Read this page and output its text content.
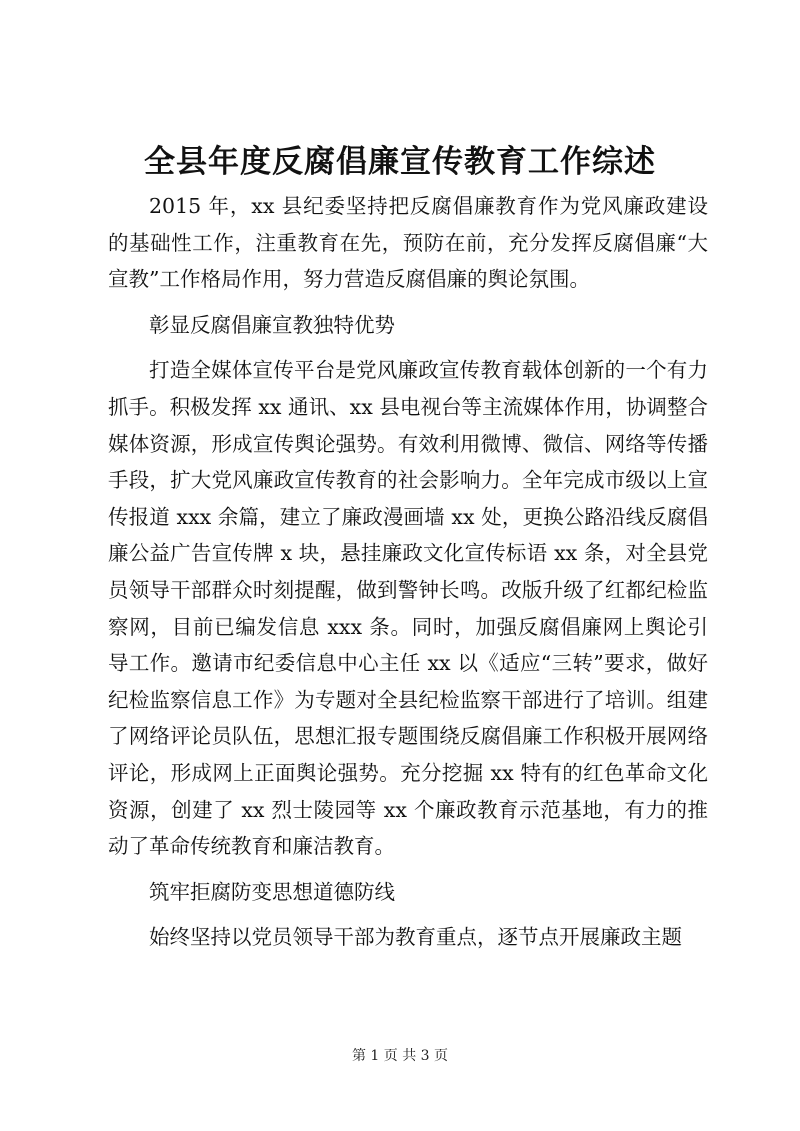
全县年度反腐倡廉宣传教育工作综述

2015 年，xx 县纪委坚持把反腐倡廉教育作为党风廉政建设的基础性工作，注重教育在先，预防在前，充分发挥反腐倡廉“大宣教”工作格局作用，努力营造反腐倡廉的舆论氛围。

彰显反腐倡廉宣教独特优势

打造全媒体宣传平台是党风廉政宣传教育载体创新的一个有力抓手。积极发挥 xx 通讯、xx 县电视台等主流媒体作用，协调整合媒体资源，形成宣传舆论强势。有效利用微博、微信、网络等传播手段，扩大党风廉政宣传教育的社会影响力。全年完成市级以上宣传报道 xxx 余篇，建立了廉政漫画墙 xx 处，更换公路沿线反腐倡廉公益广告宣传牌 x 块，悬挂廉政文化宣传标语 xx 条，对全县党员领导干部群众时刻提醒，做到警钟长鸣。改版升级了红都纪检监察网，目前已编发信息 xxx 条。同时，加强反腐倡廉网上舆论引导工作。邀请市纪委信息中心主任 xx 以《适应“三转”要求，做好纪检监察信息工作》为专题对全县纪检监察干部进行了培训。组建了网络评论员队伍，思想汇报专题围绕反腐倡廉工作积极开展网络评论，形成网上正面舆论强势。充分挖掘 xx 特有的红色革命文化资源，创建了 xx 烈士陵园等 xx 个廉政教育示范基地，有力的推动了革命传统教育和廉洁教育。

筑牢拒腐防变思想道德防线

始终坚持以党员领导干部为教育重点，逐节点开展廉政主题

第 1 页 共 3 页
